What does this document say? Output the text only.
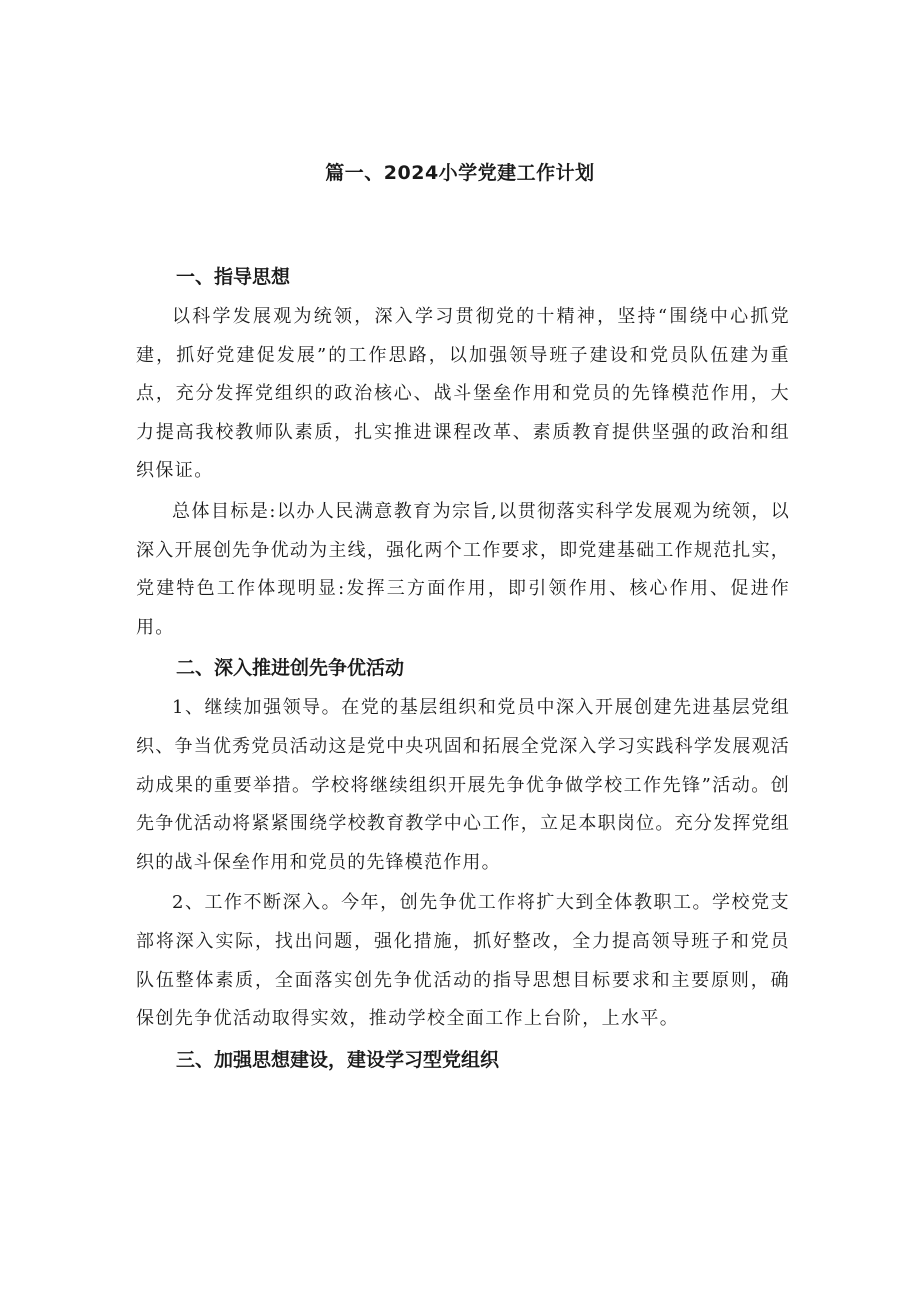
篇一、2024小学党建工作计划
一、指导思想

以科学发展观为统领，深入学习贯彻党的十精神，坚持“围绕中心抓党建，抓好党建促发展”的工作思路，以加强领导班子建设和党员队伍建为重点，充分发挥党组织的政治核心、战斗堡垒作用和党员的先锋模范作用，大力提高我校教师队素质，扎实推进课程改革、素质教育提供坚强的政治和组织保证。

总体目标是:以办人民满意教育为宗旨,以贯彻落实科学发展观为统领，以深入开展创先争优动为主线，强化两个工作要求，即党建基础工作规范扎实，党建特色工作体现明显:发挥三方面作用，即引领作用、核心作用、促进作用。

二、深入推进创先争优活动

1、继续加强领导。在党的基层组织和党员中深入开展创建先进基层党组织、争当优秀党员活动这是党中央巩固和拓展全党深入学习实践科学发展观活动成果的重要举措。学校将继续组织开展先争优争做学校工作先锋”活动。创先争优活动将紧紧围绕学校教育教学中心工作，立足本职岗位。充分发挥党组织的战斗保垒作用和党员的先锋模范作用。

2、工作不断深入。今年，创先争优工作将扩大到全体教职工。学校党支部将深入实际，找出问题，强化措施，抓好整改，全力提高领导班子和党员队伍整体素质，全面落实创先争优活动的指导思想目标要求和主要原则，确保创先争优活动取得实效，推动学校全面工作上台阶，上水平。

三、加强思想建设，建设学习型党组织
